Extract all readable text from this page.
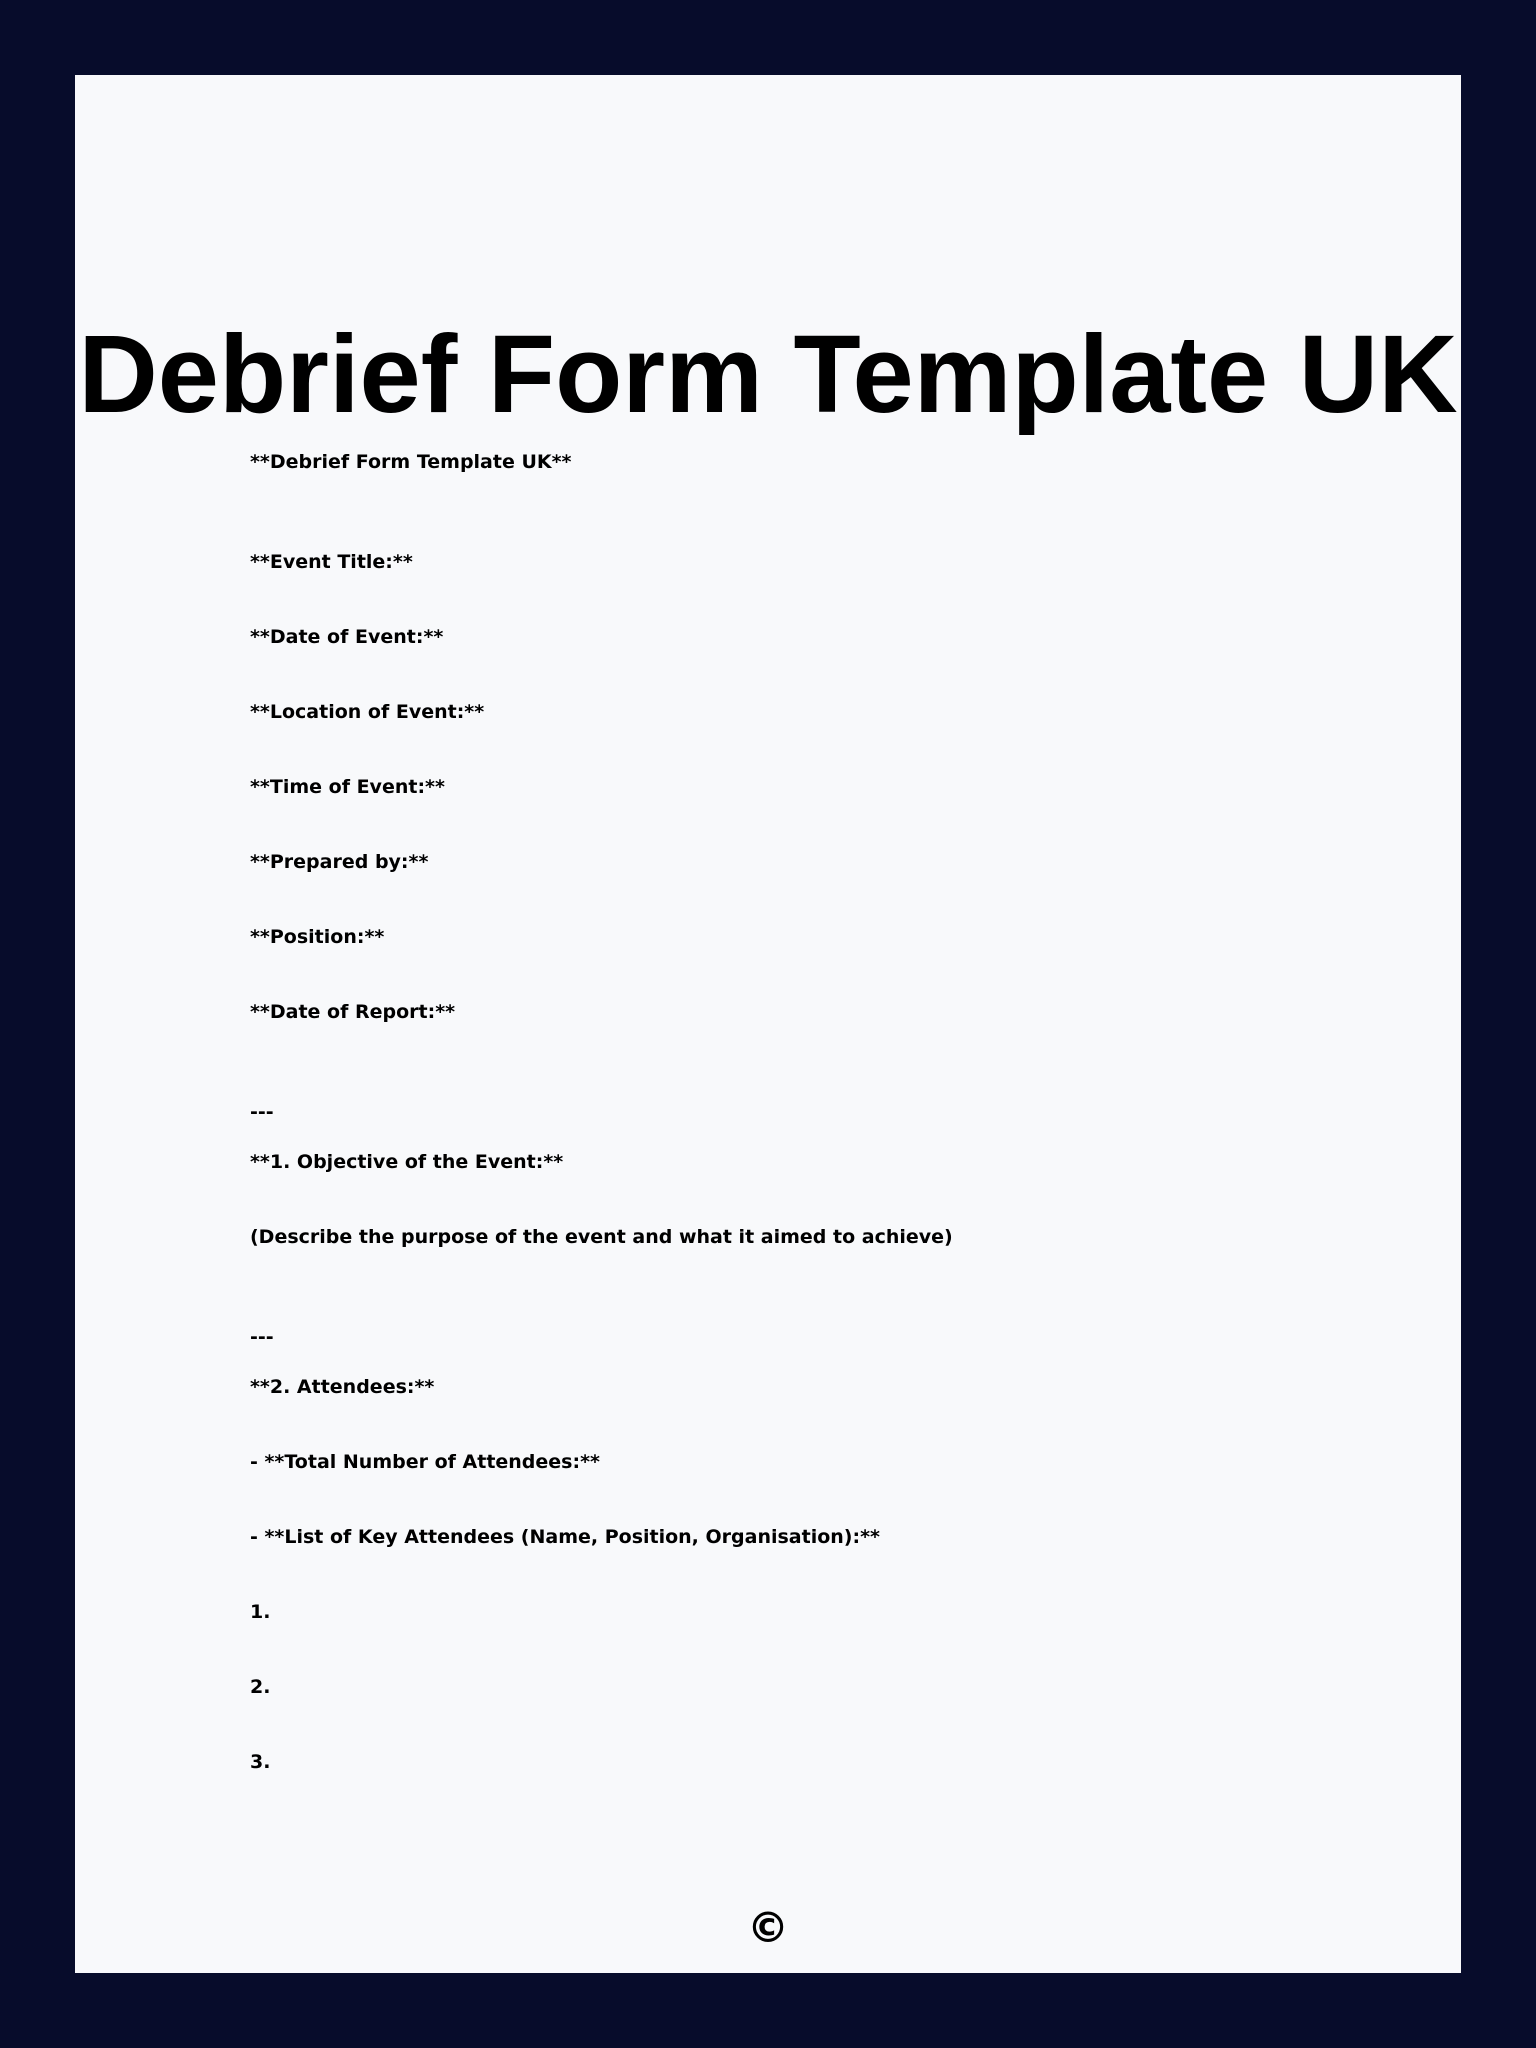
Debrief Form Template UK

**Debrief Form Template UK**

**Event Title:**

**Date of Event:**

**Location of Event:**

**Time of Event:**

**Prepared by:**

**Position:**

**Date of Report:**

---

**1. Objective of the Event:**

(Describe the purpose of the event and what it aimed to achieve)

---

**2. Attendees:**

- **Total Number of Attendees:**

- **List of Key Attendees (Name, Position, Organisation):**

1.

2.

3.

©
